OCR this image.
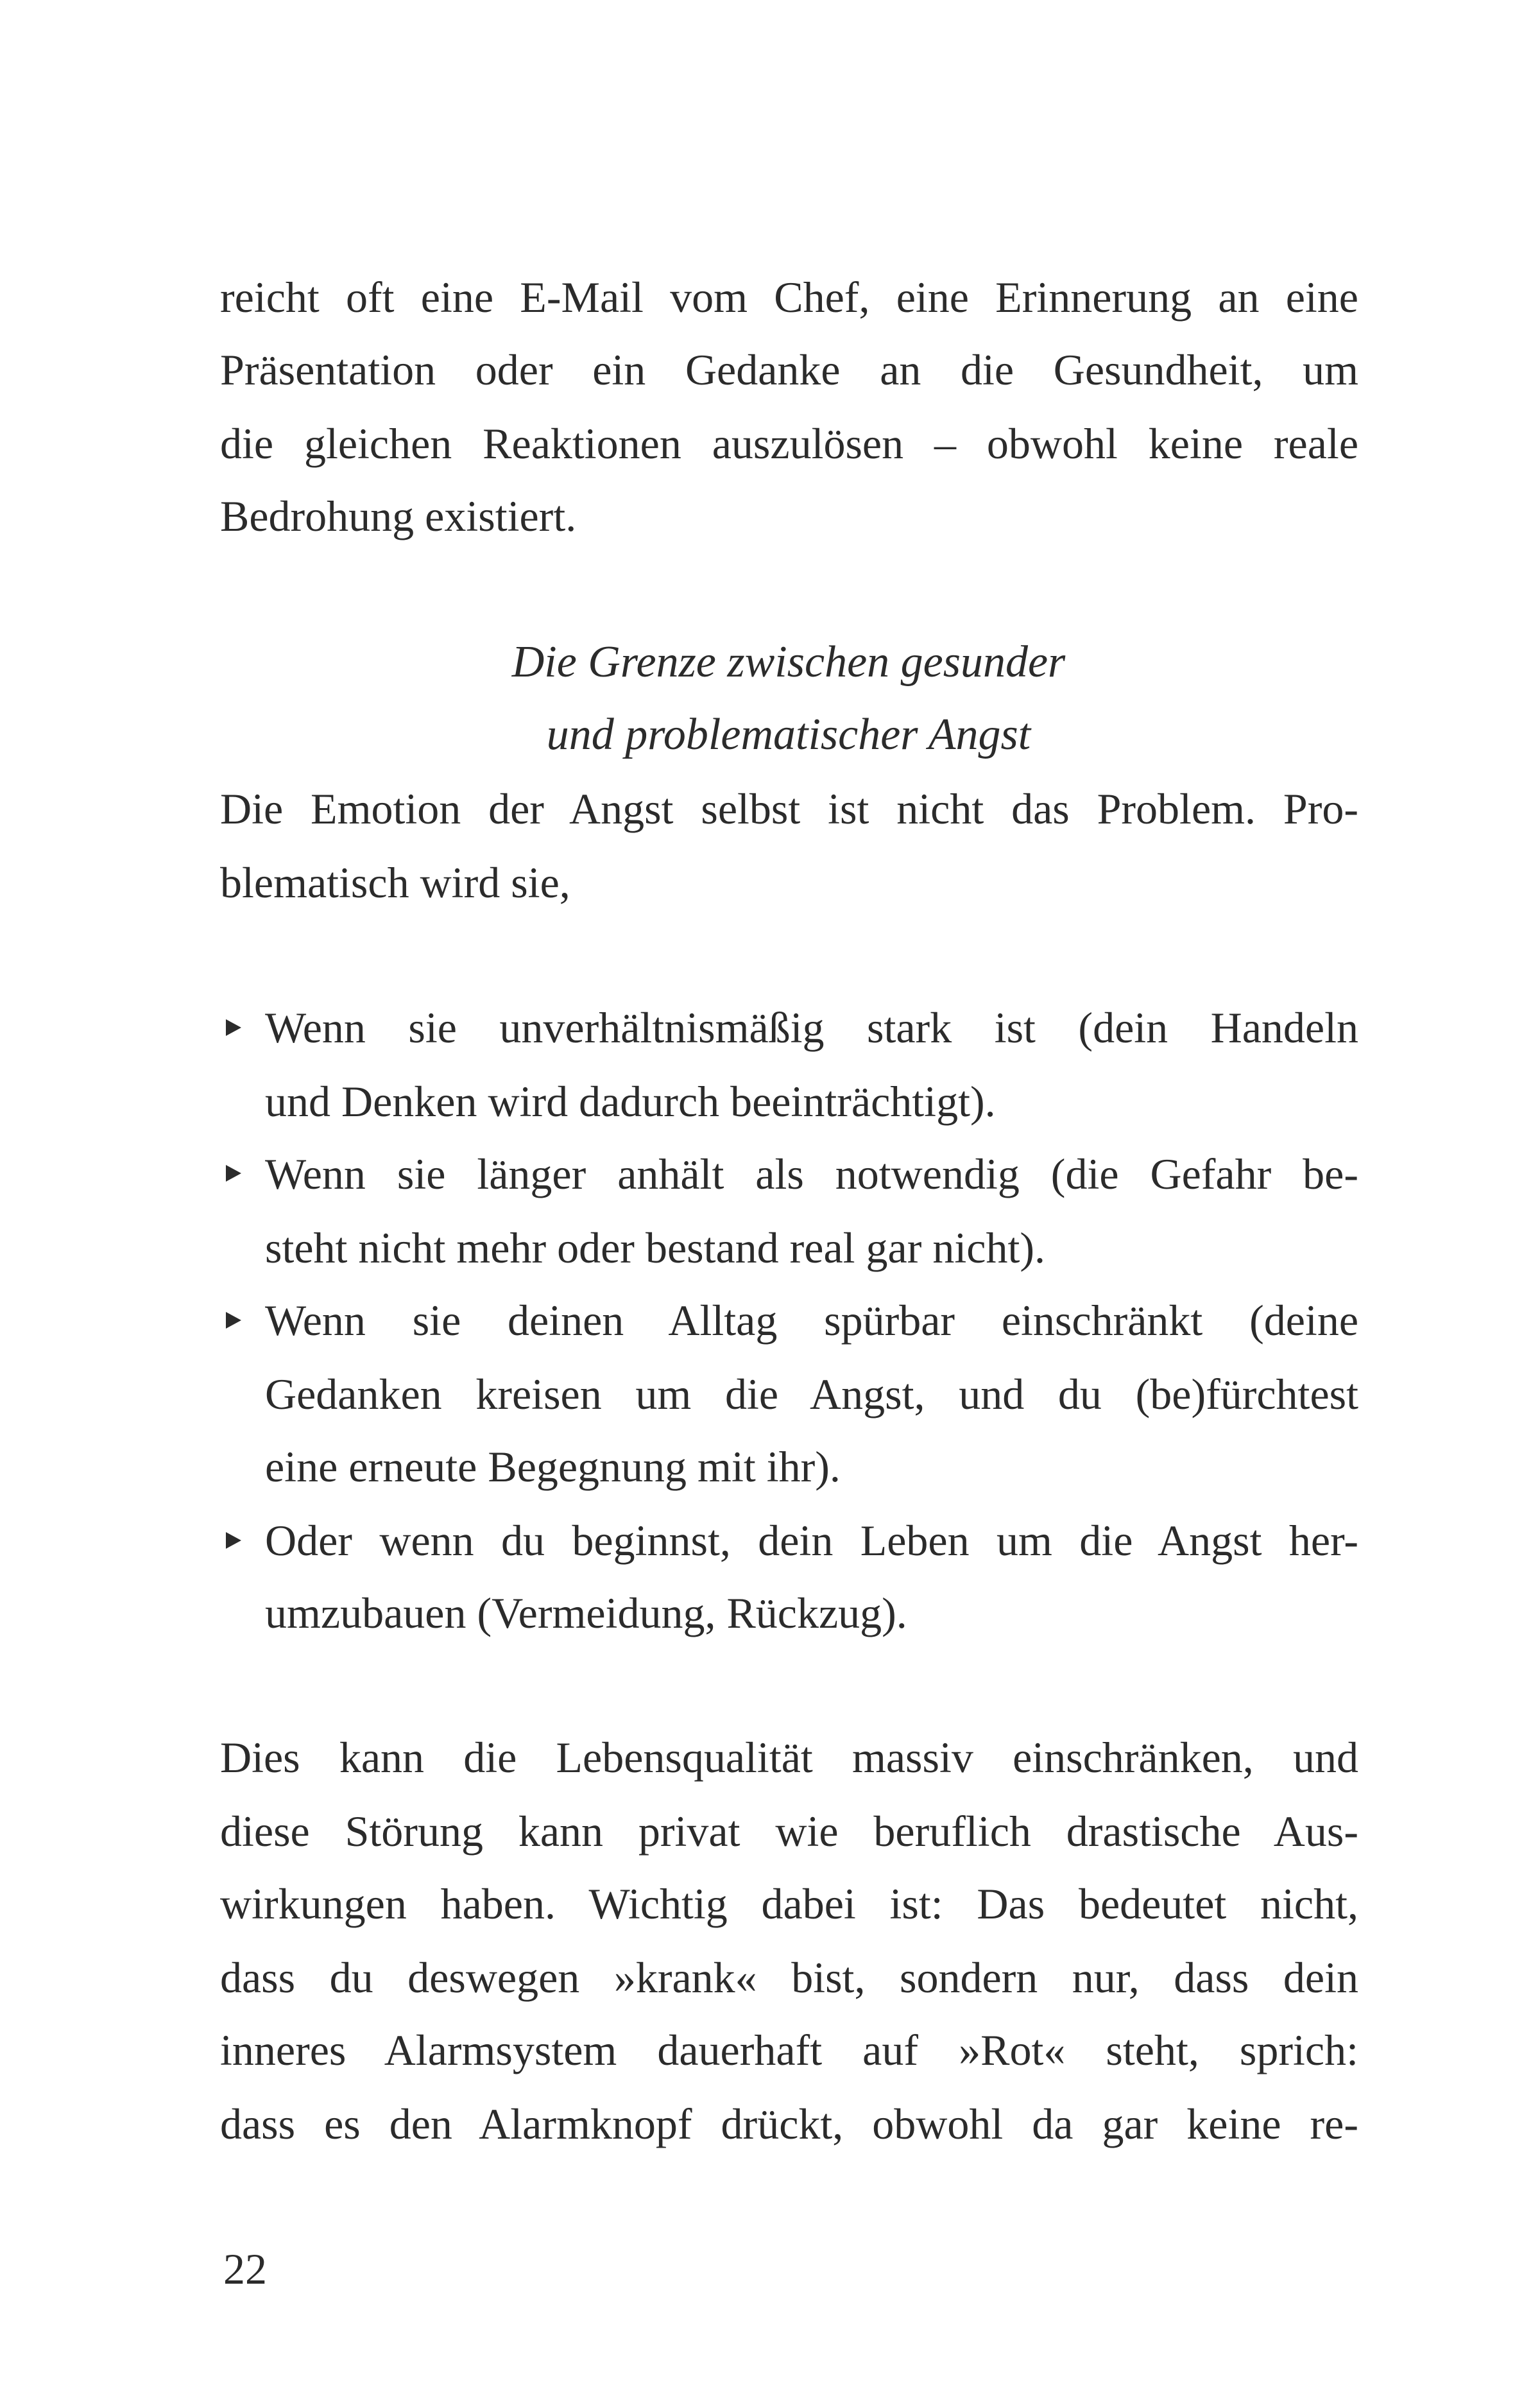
reicht oft eine E-Mail vom Chef, eine Erinnerung an eine
Präsentation oder ein Gedanke an die Gesundheit, um
die gleichen Reaktionen auszulösen – obwohl keine reale
Bedrohung existiert.
Die Grenze zwischen gesunder
und problematischer Angst
Die Emotion der Angst selbst ist nicht das Problem. Pro-
blematisch wird sie,
Wenn sie unverhältnismäßig stark ist (dein Handeln
und Denken wird dadurch beeinträchtigt).
Wenn sie länger anhält als notwendig (die Gefahr be-
steht nicht mehr oder bestand real gar nicht).
Wenn sie deinen Alltag spürbar einschränkt (deine
Gedanken kreisen um die Angst, und du (be)fürchtest
eine erneute Begegnung mit ihr).
Oder wenn du beginnst, dein Leben um die Angst her-
umzubauen (Vermeidung, Rückzug).
Dies kann die Lebensqualität massiv einschränken, und
diese Störung kann privat wie beruflich drastische Aus-
wirkungen haben. Wichtig dabei ist: Das bedeutet nicht,
dass du deswegen »krank« bist, sondern nur, dass dein
inneres Alarmsystem dauerhaft auf »Rot« steht, sprich:
dass es den Alarmknopf drückt, obwohl da gar keine re-
22
